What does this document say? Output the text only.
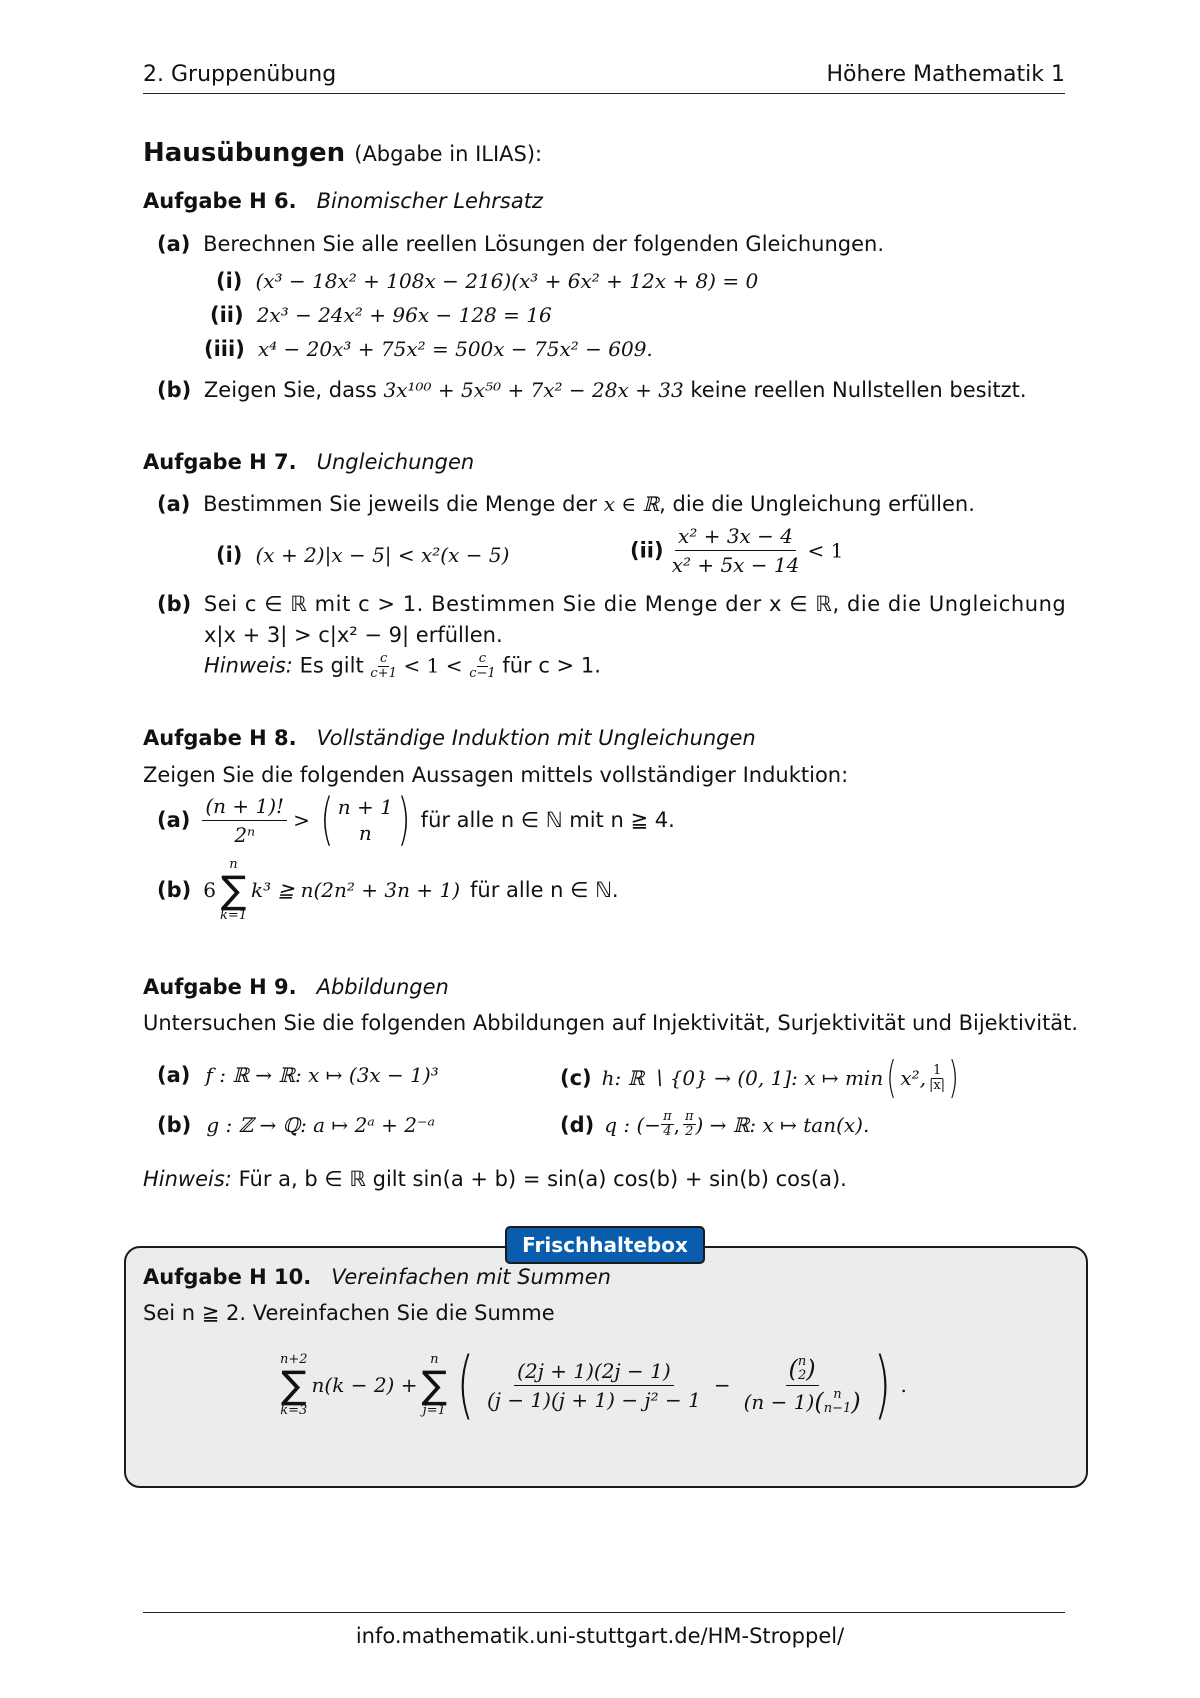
2. Gruppenübung	Höhere Mathematik 1
Hausübungen (Abgabe in ILIAS):
Aufgabe H 6. Binomischer Lehrsatz
(a) Berechnen Sie alle reellen Lösungen der folgenden Gleichungen.
(i) (x³ − 18x² + 108x − 216)(x³ + 6x² + 12x + 8) = 0
(ii) 2x³ − 24x² + 96x − 128 = 16
(iii) x⁴ − 20x³ + 75x² = 500x − 75x² − 609.
(b) Zeigen Sie, dass 3x¹⁰⁰ + 5x⁵⁰ + 7x² − 28x + 33 keine reellen Nullstellen besitzt.
Aufgabe H 7. Ungleichungen
(a) Bestimmen Sie jeweils die Menge der x ∈ ℝ, die die Ungleichung erfüllen.
(i) (x + 2)|x − 5| < x²(x − 5)	$(ii) \frac{\text{x² + 3x − 4}}{\text{x² + 5x − 14}} < 1$
(b) Sei c ∈ ℝ mit c > 1. Bestimmen Sie die Menge der x ∈ ℝ, die die Ungleichung
x|x + 3| > c|x² − 9| erfüllen.
Hinweis: Es gilt $\frac{c}{c+1} < 1 < \frac{c}{c-1}$ für c > 1.
Aufgabe H 8. Vollständige Induktion mit Ungleichungen
Zeigen Sie die folgenden Aussagen mittels vollständiger Induktion:
$(a) \frac{(n + 1)!}{\text{2ⁿ}}$ > ( n + 1
n ) für alle n ∈ ℕ mit n ≧ 4.
(b) 6
n
∑
k=1
k³ ≧ n(2n² + 3n + 1) für alle n ∈ ℕ.
Aufgabe H 9. Abbildungen
Untersuchen Sie die folgenden Abbildungen auf Injektivität, Surjektivität und Bijektivität.
(a) f : ℝ → ℝ: x ↦ (3x − 1)³
(b) g : ℤ → ℚ: a ↦ 2ᵃ + 2⁻ᵃ
(c) h: ℝ ∖ {0} → (0, 1]: x ↦ min ( x², $\frac{1}{|x|}$ )
(d) q : (− $\frac{\pi}{4}$ , $\frac{\pi}{2}$ ) → ℝ: x ↦ tan(x).
Hinweis: Für a, b ∈ ℝ gilt sin(a + b) = sin(a) cos(b) + sin(b) cos(a).
Frischhaltebox
Aufgabe H 10. Vereinfachen mit Summen
Sei n ≧ 2. Vereinfachen Sie die Summe
n+2
∑
k=3
n(k − 2) +
n
∑
j=1 ( $\frac{(2j + 1)(2j - 1)}{\text{(j − 1)(j + 1) − j² − 1}}$ − ( n
2 )
(n − 1) ( n
n−1 ) ) .
info.mathematik.uni-stuttgart.de/HM-Stroppel/
